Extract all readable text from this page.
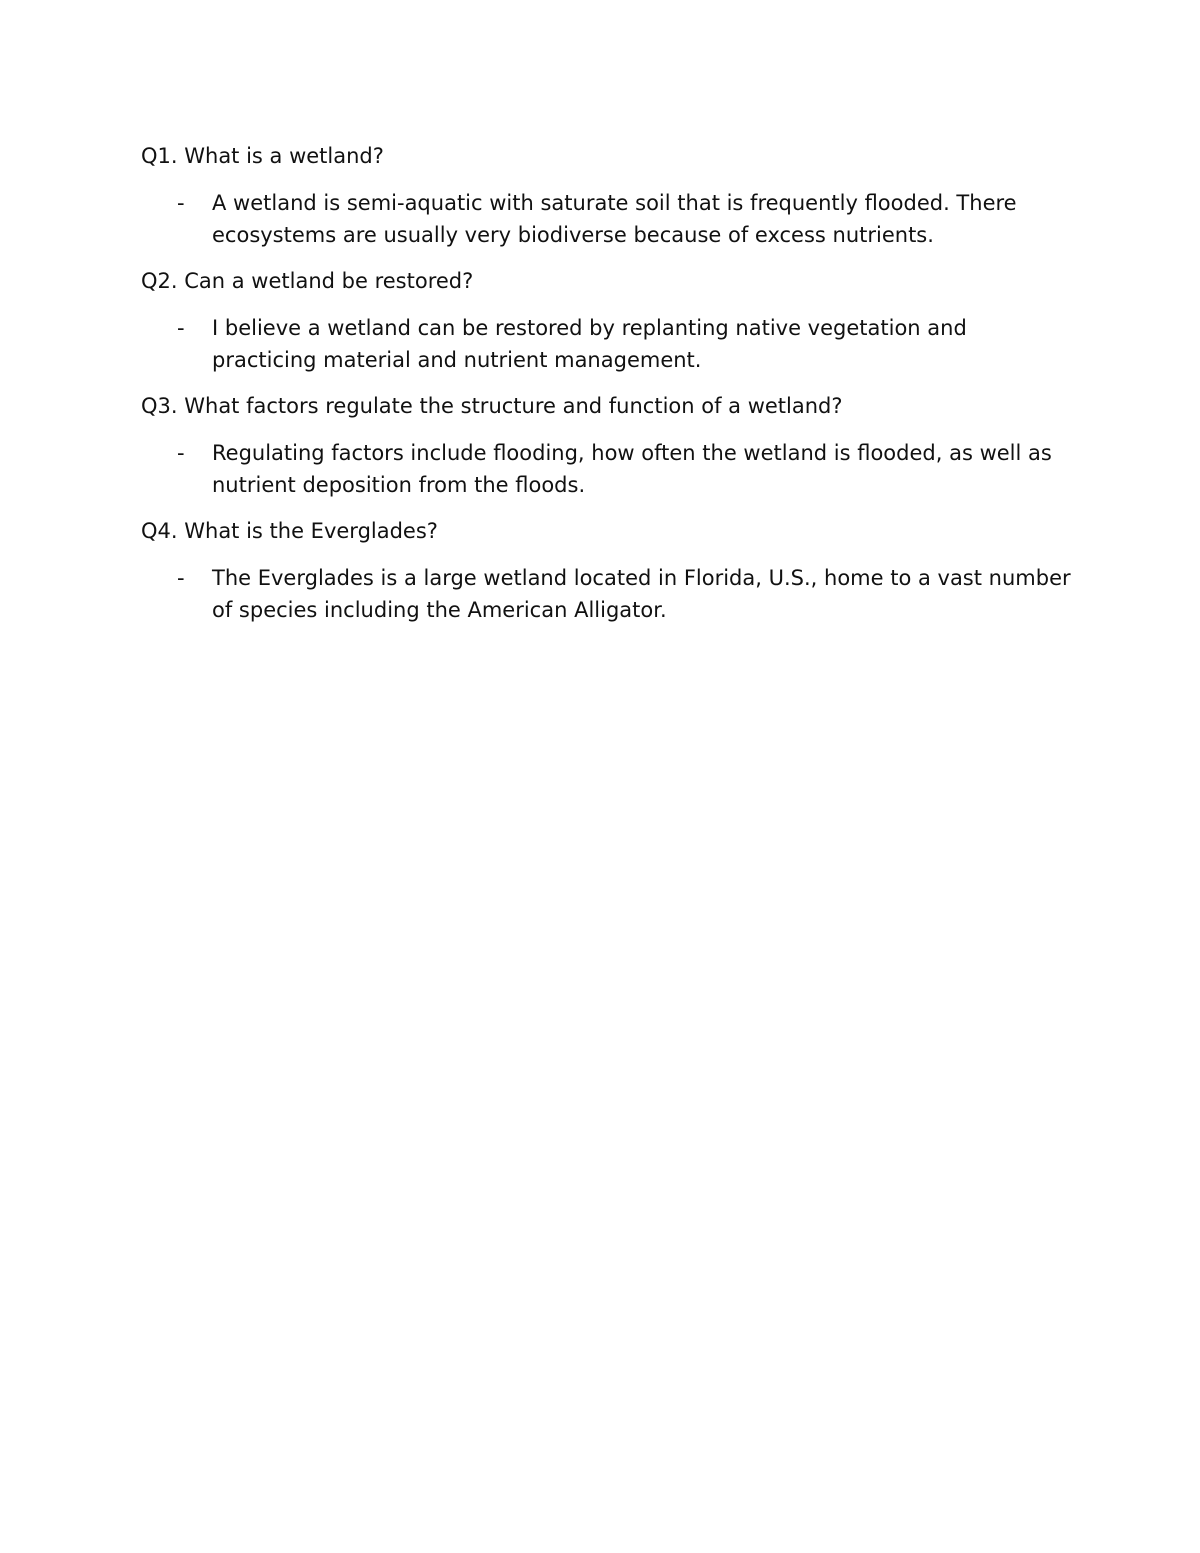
Q1. What is a wetland?

-	A wetland is semi-aquatic with saturate soil that is frequently flooded. There ecosystems are usually very biodiverse because of excess nutrients.

Q2. Can a wetland be restored?

-	I believe a wetland can be restored by replanting native vegetation and practicing material and nutrient management.

Q3. What factors regulate the structure and function of a wetland?

-	Regulating factors include flooding, how often the wetland is flooded, as well as nutrient deposition from the floods.

Q4. What is the Everglades?

-	The Everglades is a large wetland located in Florida, U.S., home to a vast number of species including the American Alligator.
